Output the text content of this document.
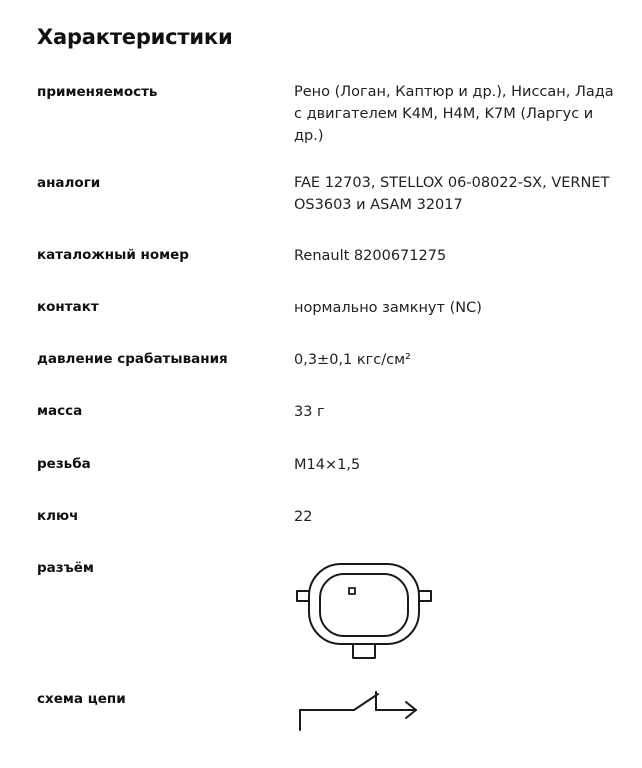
Характеристики
применяемость	Рено (Логан, Каптюр и др.), Ниссан, Лада с двигателем K4M, H4M, K7M (Ларгус и др.)
аналоги	FAE 12703, STELLOX 06-08022-SX, VERNET OS3603 и ASAM 32017
каталожный номер	Renault 8200671275
контакт	нормально замкнут (NC)
давление срабатывания	0,3±0,1 кгс/см²
масса	33 г
резьба	M14×1,5
ключ	22
разъём
схема цепи
